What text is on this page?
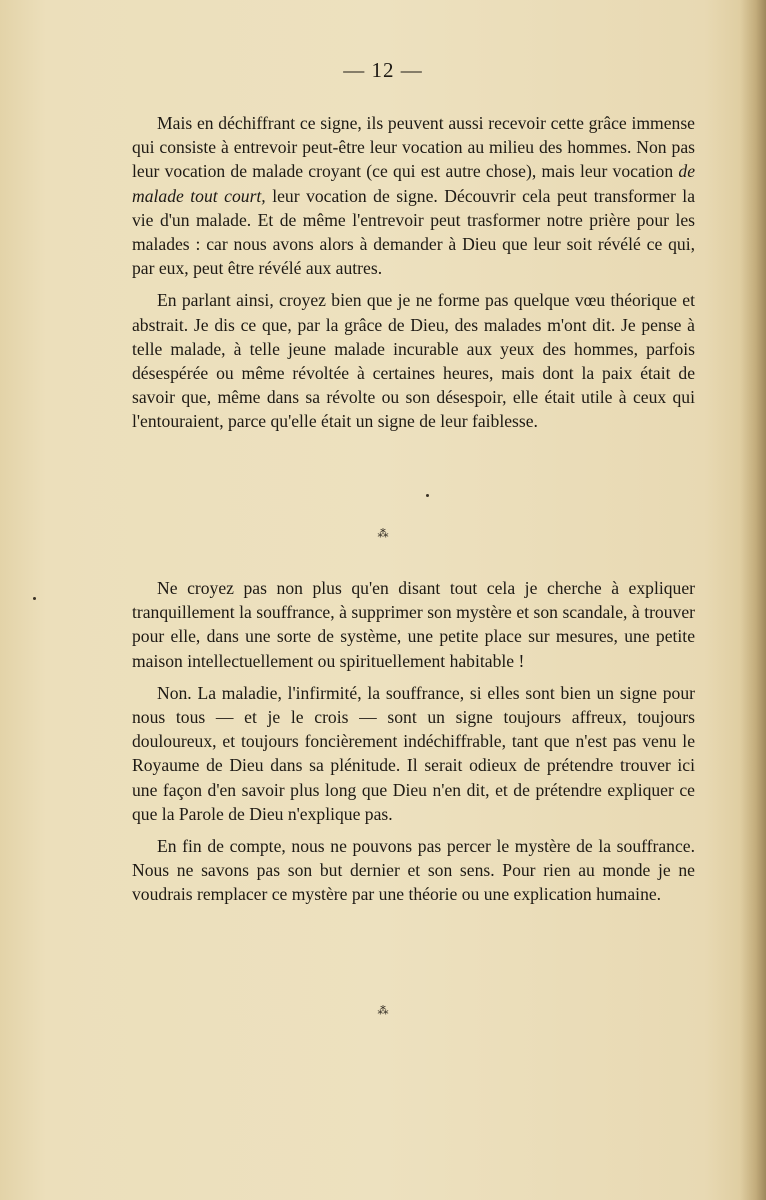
— 12 —

Mais en déchiffrant ce signe, ils peuvent aussi recevoir cette grâce immense qui consiste à entrevoir peut-être leur vocation au milieu des hommes. Non pas leur vocation de malade croyant (ce qui est autre chose), mais leur vocation de malade tout court, leur vocation de signe. Découvrir cela peut transformer la vie d'un malade. Et de même l'entrevoir peut trasformer notre prière pour les malades : car nous avons alors à demander à Dieu que leur soit révélé ce qui, par eux, peut être révélé aux autres.

En parlant ainsi, croyez bien que je ne forme pas quelque vœu théorique et abstrait. Je dis ce que, par la grâce de Dieu, des malades m'ont dit. Je pense à telle malade, à telle jeune malade incurable aux yeux des hommes, parfois désespérée ou même révoltée à certaines heures, mais dont la paix était de savoir que, même dans sa révolte ou son désespoir, elle était utile à ceux qui l'entouraient, parce qu'elle était un signe de leur faiblesse.

⁂

Ne croyez pas non plus qu'en disant tout cela je cherche à expliquer tranquillement la souffrance, à supprimer son mystère et son scandale, à trouver pour elle, dans une sorte de système, une petite place sur mesures, une petite maison intellectuellement ou spirituellement habitable !

Non. La maladie, l'infirmité, la souffrance, si elles sont bien un signe pour nous tous — et je le crois — sont un signe toujours affreux, toujours douloureux, et toujours foncièrement indéchiffrable, tant que n'est pas venu le Royaume de Dieu dans sa plénitude. Il serait odieux de prétendre trouver ici une façon d'en savoir plus long que Dieu n'en dit, et de prétendre expliquer ce que la Parole de Dieu n'explique pas.

En fin de compte, nous ne pouvons pas percer le mystère de la souffrance. Nous ne savons pas son but dernier et son sens. Pour rien au monde je ne voudrais remplacer ce mystère par une théorie ou une explication humaine.

⁂
